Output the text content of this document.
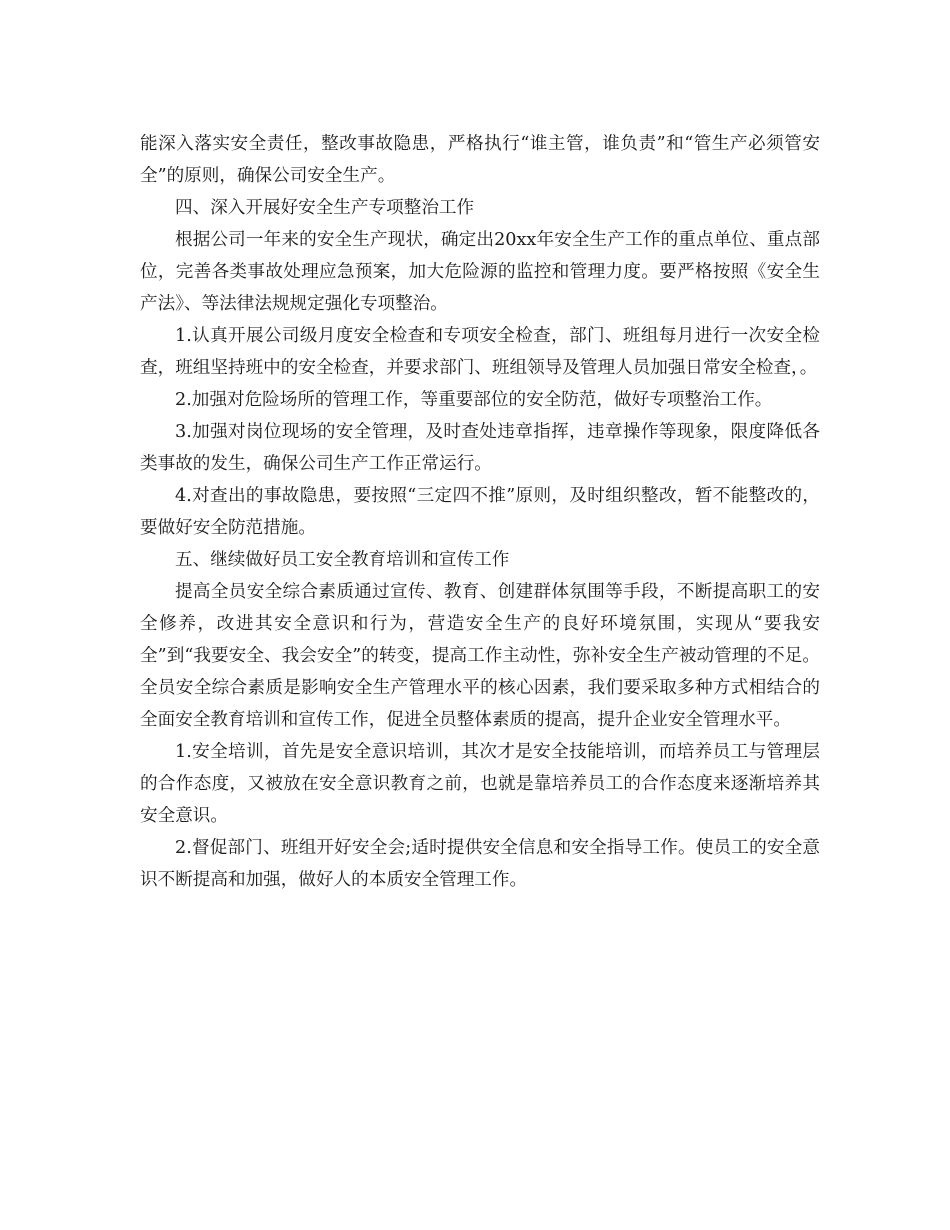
能深入落实安全责任，整改事故隐患，严格执行“谁主管，谁负责”和“管生产必须管安全”的原则，确保公司安全生产。

四、深入开展好安全生产专项整治工作

根据公司一年来的安全生产现状，确定出20xx年安全生产工作的重点单位、重点部位，完善各类事故处理应急预案，加大危险源的监控和管理力度。要严格按照《安全生产法》、等法律法规规定强化专项整治。

1.认真开展公司级月度安全检查和专项安全检查，部门、班组每月进行一次安全检查，班组坚持班中的安全检查，并要求部门、班组领导及管理人员加强日常安全检查，。

2.加强对危险场所的管理工作，等重要部位的安全防范，做好专项整治工作。

3.加强对岗位现场的安全管理，及时查处违章指挥，违章操作等现象，限度降低各类事故的发生，确保公司生产工作正常运行。

4.对查出的事故隐患，要按照“三定四不推”原则，及时组织整改，暂不能整改的，要做好安全防范措施。

五、继续做好员工安全教育培训和宣传工作

提高全员安全综合素质通过宣传、教育、创建群体氛围等手段，不断提高职工的安全修养，改进其安全意识和行为，营造安全生产的良好环境氛围，实现从“要我安全”到“我要安全、我会安全”的转变，提高工作主动性，弥补安全生产被动管理的不足。全员安全综合素质是影响安全生产管理水平的核心因素，我们要采取多种方式相结合的全面安全教育培训和宣传工作，促进全员整体素质的提高，提升企业安全管理水平。

1.安全培训，首先是安全意识培训，其次才是安全技能培训，而培养员工与管理层的合作态度，又被放在安全意识教育之前，也就是靠培养员工的合作态度来逐渐培养其安全意识。

2.督促部门、班组开好安全会;适时提供安全信息和安全指导工作。使员工的安全意识不断提高和加强，做好人的本质安全管理工作。
